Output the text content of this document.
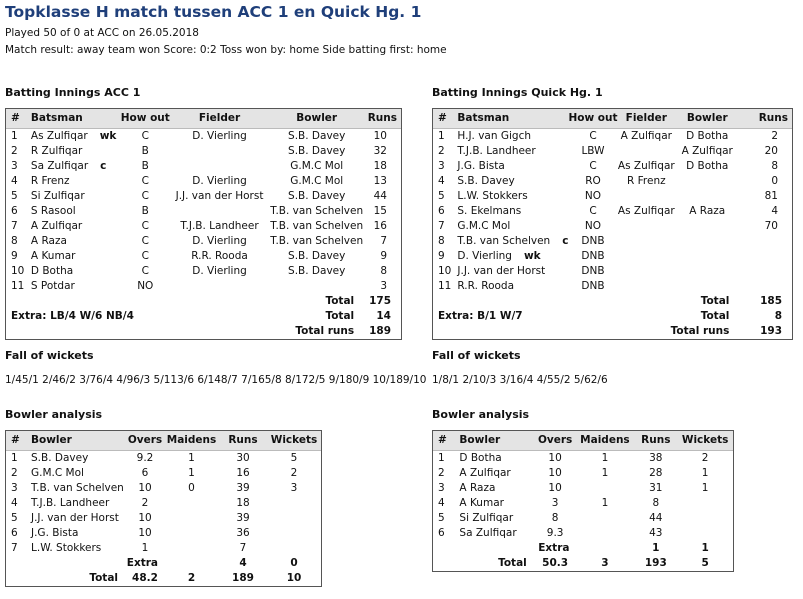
Topklasse H match tussen ACC 1 en Quick Hg. 1
Played 50 of 0 at ACC on 26.05.2018
Match result: away team won Score: 0:2 Toss won by: home Side batting first: home
Batting Innings ACC 1
#	Batsman	How out	Fielder	Bowler	Runs
1	As Zulfiqar wk	C	D. Vierling	S.B. Davey	10
2	R Zulfiqar	B		S.B. Davey	32
3	Sa Zulfiqar c	B		G.M.C Mol	18
4	R Frenz	C	D. Vierling	G.M.C Mol	13
5	Si Zulfiqar	C	J.J. van der Horst	S.B. Davey	44
6	S Rasool	B		T.B. van Schelven	15
7	A Zulfiqar	C	T.J.B. Landheer	T.B. van Schelven	16
8	A Raza	C	D. Vierling	T.B. van Schelven	7
9	A Kumar	C	R.R. Rooda	S.B. Davey	9
10	D Botha	C	D. Vierling	S.B. Davey	8
11	S Potdar	NO			3
Total					175
Extra: LB/4 W/6 NB/4				Total	14
Total runs					189
Fall of wickets
1/45/1 2/46/2 3/76/4 4/96/3 5/113/6 6/148/7 7/165/8 8/172/5 9/180/9 10/189/10
Bowler analysis
#	Bowler	Overs	Maidens	Runs	Wickets
1	S.B. Davey	9.2	1	30	5
2	G.M.C Mol	6	1	16	2
3	T.B. van Schelven	10	0	39	3
4	T.J.B. Landheer	2		18	
5	J.J. van der Horst	10		39	
6	J.G. Bista	10		36	
7	L.W. Stokkers	1		7	
Extra				4	0
Total		48.2	2	189	10
Batting Innings Quick Hg. 1
#	Batsman	How out	Fielder	Bowler	Runs
1	H.J. van Gigch	C	A Zulfiqar	D Botha	2
2	T.J.B. Landheer	LBW		A Zulfiqar	20
3	J.G. Bista	C	As Zulfiqar	D Botha	8
4	S.B. Davey	RO	R Frenz		0
5	L.W. Stokkers	NO			81
6	S. Ekelmans	C	As Zulfiqar	A Raza	4
7	G.M.C Mol	NO			70
8	T.B. van Schelven c	DNB			
9	D. Vierling wk	DNB			
10	J.J. van der Horst	DNB			
11	R.R. Rooda	DNB			
Total					185
Extra: B/1 W/7				Total	8
Total runs					193
Fall of wickets
1/8/1 2/10/3 3/16/4 4/55/2 5/62/6
Bowler analysis
#	Bowler	Overs	Maidens	Runs	Wickets
1	D Botha	10	1	38	2
2	A Zulfiqar	10	1	28	1
3	A Raza	10		31	1
4	A Kumar	3	1	8	
5	Si Zulfiqar	8		44	
6	Sa Zulfiqar	9.3		43	
Extra				1	1
Total		50.3	3	193	5
